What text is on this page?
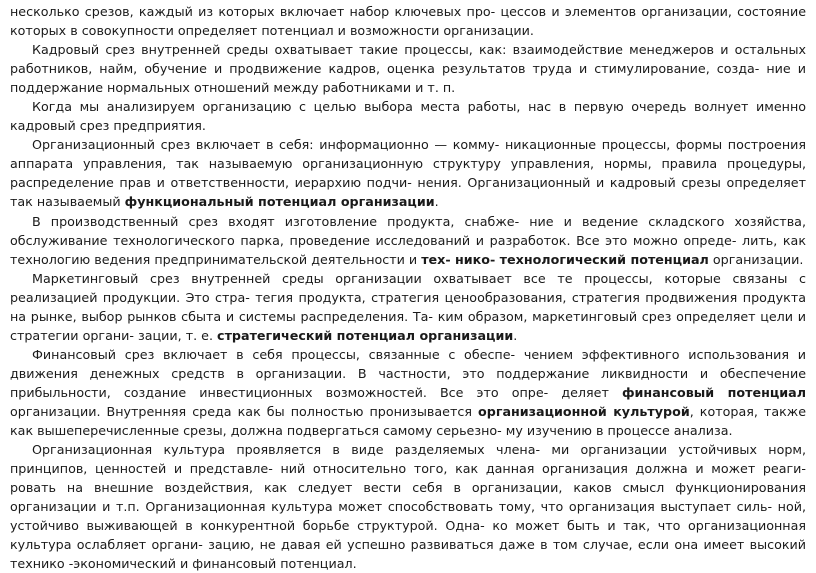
несколько срезов, каждый из которых включает набор ключевых про- цессов и элементов организации, состояние которых в совокупности определяет потенциал и возможности организации.

Кадровый срез внутренней среды охватывает такие процессы, как: взаимодействие менеджеров и остальных работников, найм, обучение и продвижение кадров, оценка результатов труда и стимулирование, созда- ние и поддержание нормальных отношений между работниками и т. п.

Когда мы анализируем организацию с целью выбора места работы, нас в первую очередь волнует именно кадровый срез предприятия.

Организационный срез включает в себя: информационно — комму- никационные процессы, формы построения аппарата управления, так называемую организационную структуру управления, нормы, правила процедуры, распределение прав и ответственности, иерархию подчи- нения. Организационный и кадровый срезы определяет так называемый функциональный потенциал организации.

В производственный срез входят изготовление продукта, снабже- ние и ведение складского хозяйства, обслуживание технологического парка, проведение исследований и разработок. Все это можно опреде- лить, как технологию ведения предпринимательской деятельности и тех- нико- технологический потенциал организации.

Маркетинговый срез внутренней среды организации охватывает все те процессы, которые связаны с реализацией продукции. Это стра- тегия продукта, стратегия ценообразования, стратегия продвижения продукта на рынке, выбор рынков сбыта и системы распределения. Та- ким образом, маркетинговый срез определяет цели и стратегии органи- зации, т. е. стратегический потенциал организации.

Финансовый срез включает в себя процессы, связанные с обеспе- чением эффективного использования и движения денежных средств в организации. В частности, это поддержание ликвидности и обеспечение прибыльности, создание инвестиционных возможностей. Все это опре- деляет финансовый потенциал организации. Внутренняя среда как бы полностью пронизывается организационной культурой, которая, также как вышеперечисленные срезы, должна подвергаться самому серьезно- му изучению в процессе анализа.

Организационная культура проявляется в виде разделяемых члена- ми организации устойчивых норм, принципов, ценностей и представле- ний относительно того, как данная организация должна и может реаги- ровать на внешние воздействия, как следует вести себя в организации, каков смысл функционирования организации и т.п. Организационная культура может способствовать тому, что организация выступает силь- ной, устойчиво выживающей в конкурентной борьбе структурой. Одна- ко может быть и так, что организационная культура ослабляет органи- зацию, не давая ей успешно развиваться даже в том случае, если она имеет высокий технико -экономический и финансовый потенциал.
